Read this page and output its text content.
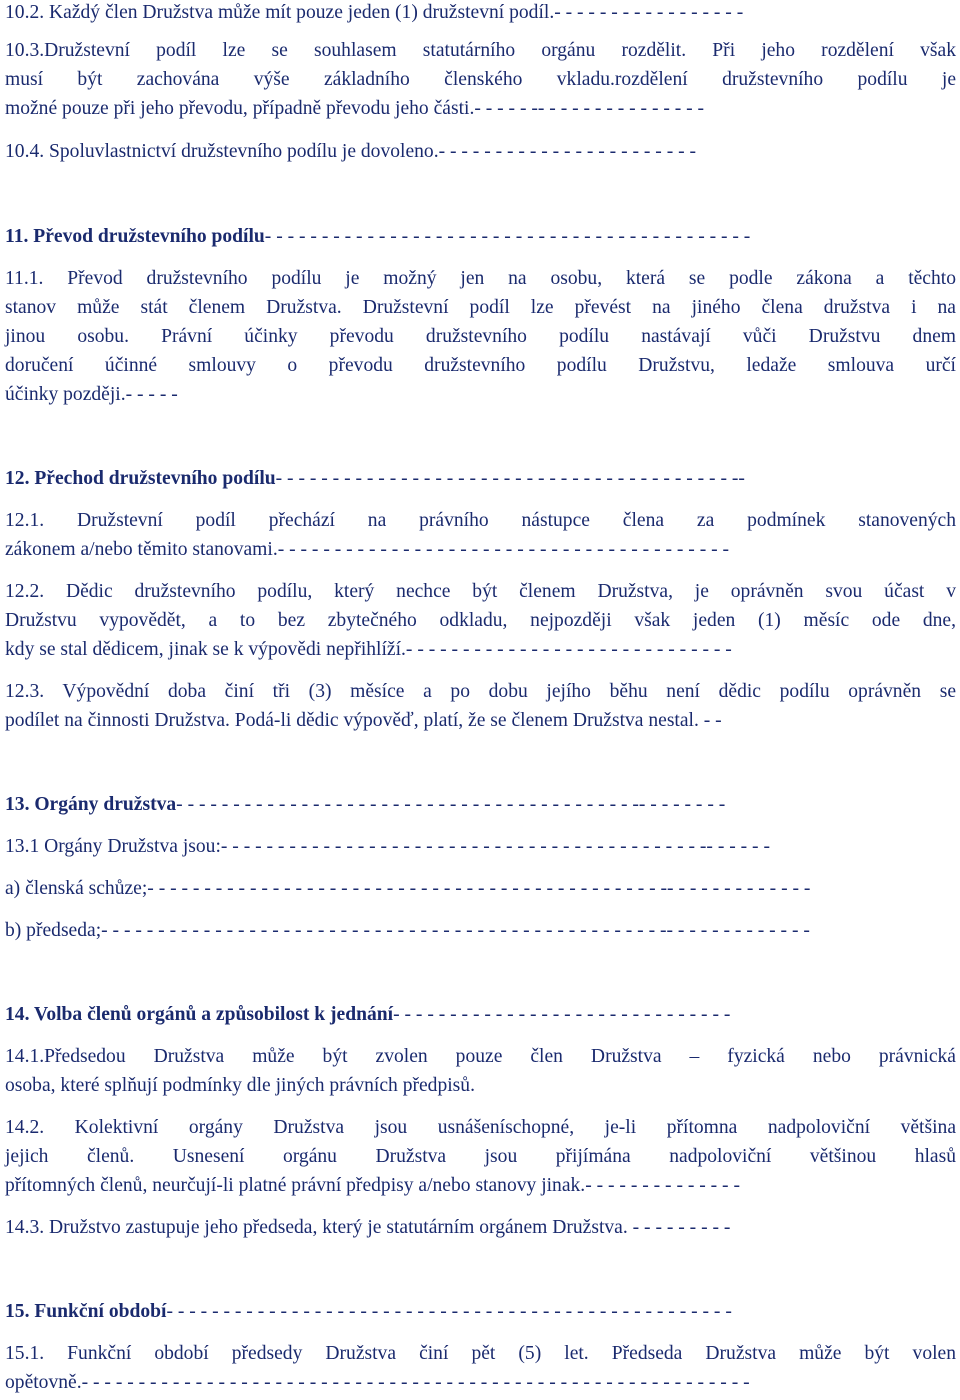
10.2. Každý člen Družstva může mít pouze jeden (1) družstevní podíl.- - - - - - - - - - - - - - - - -
10.3.Družstevní podíl lze se souhlasem statutárního orgánu rozdělit. Při jeho rozdělení však
musí být zachována výše základního členského vkladu.rozdělení družstevního podílu je
možné pouze při jeho převodu, případně převodu jeho části.- - - - - -- - - - - - - - - - - - - - -
10.4. Spoluvlastnictví družstevního podílu je dovoleno.- - - - - - - - - - - - - - - - - - - - - - -
11. Převod družstevního podílu- - - - - - - - - - - - - - - - - - - - - - - - - - - - - - - - - - - - - - - - - - -
11.1. Převod družstevního podílu je možný jen na osobu, která se podle zákona a těchto
stanov může stát členem Družstva. Družstevní podíl lze převést na jiného člena družstva i na
jinou osobu. Právní účinky převodu družstevního podílu nastávají vůči Družstvu dnem
doručení účinné smlouvy o převodu družstevního podílu Družstvu, ledaže smlouva určí
účinky později.- - - - -
12. Přechod družstevního podílu- - - - - - - - - - - - - - - - - - - - - - - - - - - - - - - - - - - - - - - - --
12.1. Družstevní podíl přechází na právního nástupce člena za podmínek stanovených
zákonem a/nebo těmito stanovami.- - - - - - - - - - - - - - - - - - - - - - - - - - - - - - - - - - - - - - - -
12.2. Dědic družstevního podílu, který nechce být členem Družstva, je oprávněn svou účast v
Družstvu vypovědět, a to bez zbytečného odkladu, nejpozději však jeden (1) měsíc ode dne,
kdy se stal dědicem, jinak se k výpovědi nepřihlíží.- - - - - - - - - - - - - - - - - - - - - - - - - - - - -
12.3. Výpovědní doba činí tři (3) měsíce a po dobu jejího běhu není dědic podílu oprávněn se
podílet na činnosti Družstva. Podá-li dědic výpověď, platí, že se členem Družstva nestal. - -
13. Orgány družstva- - - - - - - - - - - - - - - - - - - - - - - - - - - - - - - - - - - - - - - - -- - - - - - - -
13.1 Orgány Družstva jsou:- - - - - - - - - - - - - - - - - - - - - - - - - - - - - - - - - - - - - - - - - - -- - - - - -
a) členská schůze;- - - - - - - - - - - - - - - - - - - - - - - - - - - - - - - - - - - - - - - - - - - - - -- - - - - - - - - - - - -
b) předseda;- - - - - - - - - - - - - - - - - - - - - - - - - - - - - - - - - - - - - - - - - - - - - - - - - -- - - - - - - - - - - - -
14. Volba členů orgánů a způsobilost k jednání- - - - - - - - - - - - - - - - - - - - - - - - - - - - - -
14.1.Předsedou Družstva může být zvolen pouze člen Družstva – fyzická nebo právnická
osoba, které splňují podmínky dle jiných právních předpisů.
14.2. Kolektivní orgány Družstva jsou usnášeníschopné, je-li přítomna nadpoloviční většina
jejich členů. Usnesení orgánu Družstva jsou přijímána nadpoloviční většinou hlasů
přítomných členů, neurčují-li platné právní předpisy a/nebo stanovy jinak.- - - - - - - - - - - - - -
14.3. Družstvo zastupuje jeho předseda, který je statutárním orgánem Družstva. - - - - - - - - -
15. Funkční období- - - - - - - - - - - - - - - - - - - - - - - - - - - - - - - - - - - - - - - - - - - - - - - - - -
15.1. Funkční období předsedy Družstva činí pět (5) let. Předseda Družstva může být volen
opětovně.- - - - - - - - - - - - - - - - - - - - - - - - - - - - - - - - - - - - - - - - - - - - - - - - - - - - - - - - - - -
